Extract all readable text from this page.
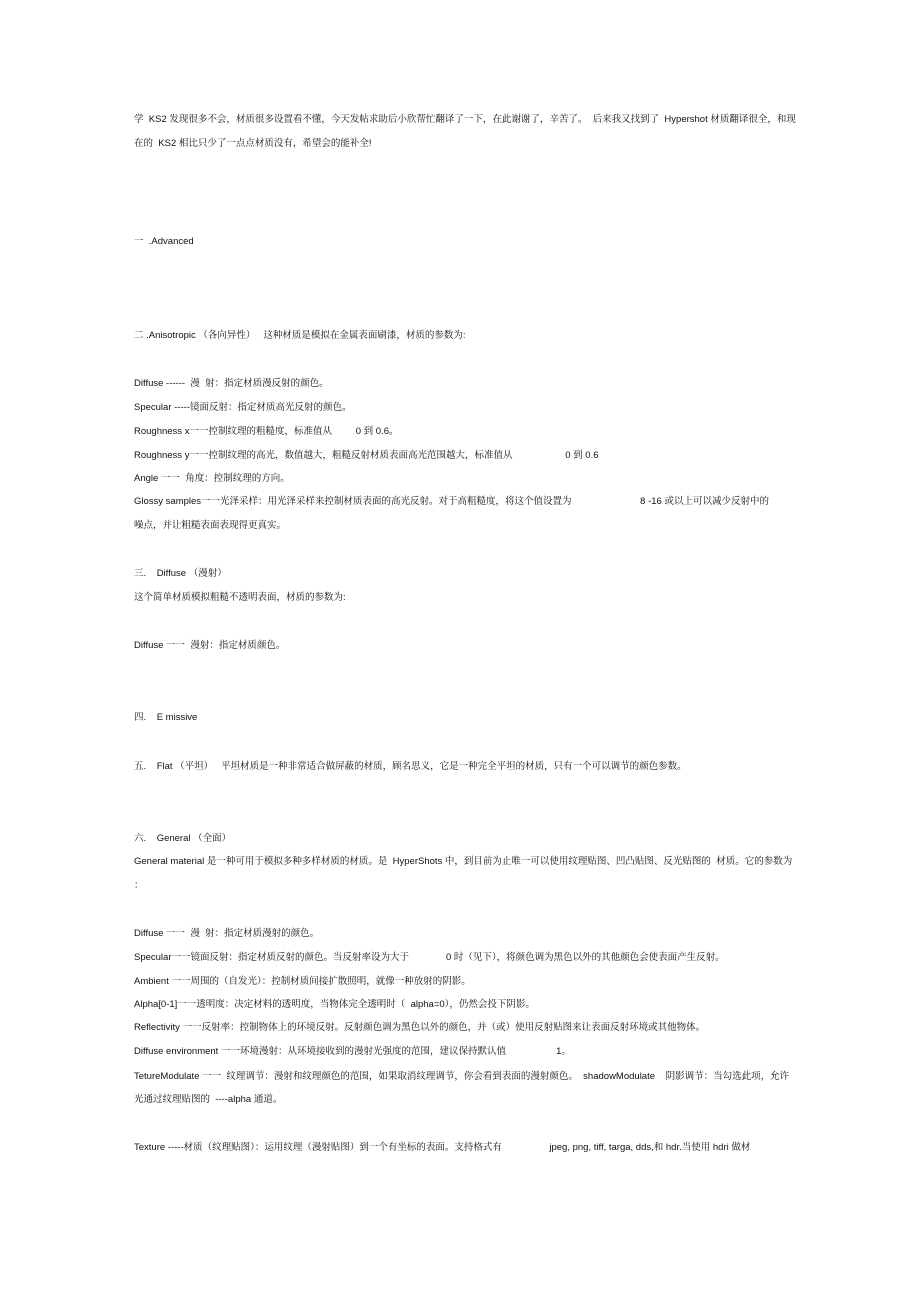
学  KS2 发现很多不会，材质很多设置看不懂，今天发帖求助后小欣帮忙翻译了一下，在此谢谢了，辛苦了。  后来我又找到了  Hypershot 材质翻译很全，和现
在的  KS2 相比只少了一点点材质没有，希望会的能补全!
一  .Advanced
二 .Anisotropic （各向异性）   这种材质是模拟在金属表面刷漆，材质的参数为:
Diffuse ------  漫  射：指定材质漫反射的颜色。
Specular -----镜面反射：指定材质高光反射的颜色。
Roughness x一一控制纹理的粗糙度，标准值从         0 到 0.6。
Roughness y一一控制纹理的高光，数值越大，粗糙反射材质表面高光范围越大，标准值从                    0 到 0.6
Angle 一一  角度：控制纹理的方向。
Glossy samples一一光泽采样：用光泽采样来控制材质表面的高光反射。对于高粗糙度，将这个值设置为                          8 -16 或以上可以减少反射中的
噪点，并让粗糙表面表现得更真实。
三.    Diffuse （漫射）
这个简单材质模拟粗糙不透明表面，材质的参数为:
Diffuse 一一  漫射：指定材质颜色。
四.    E missive
五.    Flat （平坦）   平坦材质是一种非常适合做屏蔽的材质，顾名思义，它是一种完全平坦的材质，只有一个可以调节的颜色参数。
六.    General （全面）
General material 是一种可用于模拟多种多样材质的材质。是  HyperShots 中，到目前为止唯一可以使用纹理贴图、凹凸贴图、反光贴图的  材质。它的参数为
：
Diffuse 一一  漫  射：指定材质漫射的颜色。
Specular一一镜面反射：指定材质反射的颜色。当反射率设为大于              0 时（见下），将颜色调为黑色以外的其他颜色会使表面产生反射。
Ambient 一一周围的（自发光）：控制材质间接扩散照明，就像一种放射的阴影。
Alpha[0-1]一一透明度：决定材料的透明度，当物体完全透明时（  alpha=0），仍然会投下阴影。
Reflectivity 一一反射率：控制物体上的环境反射。反射颜色调为黑色以外的颜色，并（或）使用反射贴图来让表面反射环境或其他物体。
Diffuse environment 一一环境漫射：从环境接收到的漫射光强度的范围，建议保持默认值                   1。
TetureModulate 一一  纹理调节：漫射和纹理颜色的范围，如果取消纹理调节，你会看到表面的漫射颜色。  shadowModulate    阴影调节：当勾选此项，允许
光通过纹理贴图的  ----alpha 通道。
Texture -----材质（纹理贴图）：运用纹理（漫射贴图）到一个有坐标的表面。支持格式有                  jpeg, png, tiff, targa, dds,和 hdr.当使用 hdri 做材
